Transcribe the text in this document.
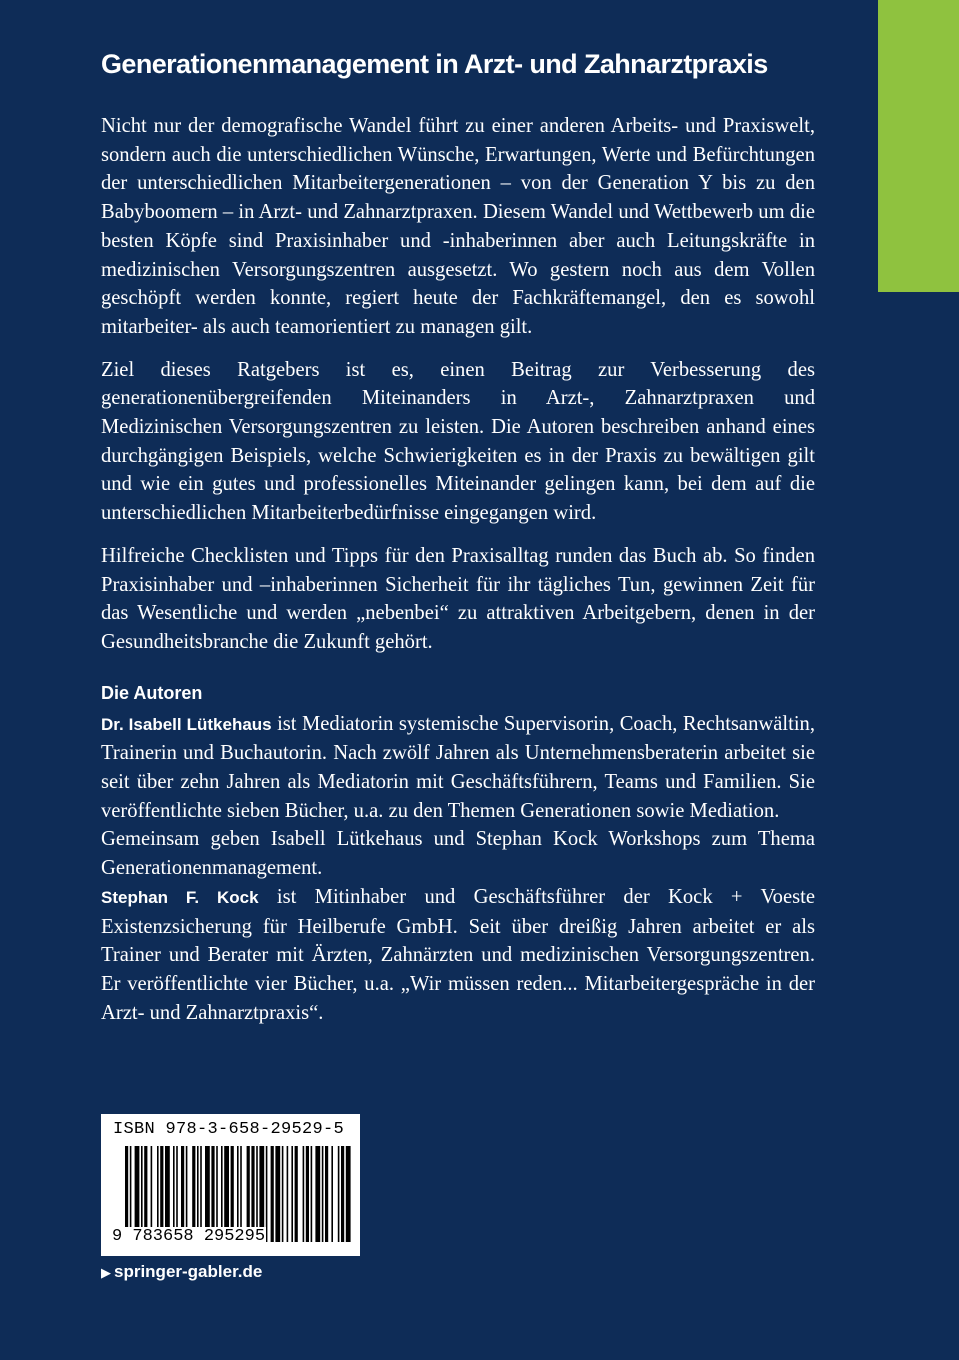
Generationenmanagement in Arzt- und Zahnarztpraxis

Nicht nur der demografische Wandel führt zu einer anderen Arbeits- und Praxiswelt, sondern auch die unterschiedlichen Wünsche, Erwartungen, Werte und Befürchtungen der unterschiedlichen Mitarbeitergenerationen – von der Generation Y bis zu den Babyboomern – in Arzt- und Zahnarztpraxen. Diesem Wandel und Wettbewerb um die besten Köpfe sind Praxisinhaber und -inhaberinnen aber auch Leitungskräfte in medizinischen Versorgungszentren ausgesetzt. Wo gestern noch aus dem Vollen geschöpft werden konnte, regiert heute der Fachkräftemangel, den es sowohl mitarbeiter- als auch teamorientiert zu managen gilt.

Ziel dieses Ratgebers ist es, einen Beitrag zur Verbesserung des generationenübergreifenden Miteinanders in Arzt-, Zahnarztpraxen und Medizinischen Versorgungszentren zu leisten. Die Autoren beschreiben anhand eines durchgängigen Beispiels, welche Schwierigkeiten es in der Praxis zu bewältigen gilt und wie ein gutes und professionelles Miteinander gelingen kann, bei dem auf die unterschiedlichen Mitarbeiterbedürfnisse eingegangen wird.

Hilfreiche Checklisten und Tipps für den Praxisalltag runden das Buch ab. So finden Praxisinhaber und –inhaberinnen Sicherheit für ihr tägliches Tun, gewinnen Zeit für das Wesentliche und werden „nebenbei“ zu attraktiven Arbeitgebern, denen in der Gesundheitsbranche die Zukunft gehört.

Die Autoren

Dr. Isabell Lütkehaus ist Mediatorin systemische Supervisorin, Coach, Rechtsanwältin, Trainerin und Buchautorin. Nach zwölf Jahren als Unternehmensberaterin arbeitet sie seit über zehn Jahren als Mediatorin mit Geschäftsführern, Teams und Familien. Sie veröffentlichte sieben Bücher, u.a. zu den Themen Generationen sowie Mediation.

Gemeinsam geben Isabell Lütkehaus und Stephan Kock Workshops zum Thema Generationenmanagement.

Stephan F. Kock ist Mitinhaber und Geschäftsführer der Kock + Voeste Existenzsicherung für Heilberufe GmbH. Seit über dreißig Jahren arbeitet er als Trainer und Berater mit Ärzten, Zahnärzten und medizinischen Versorgungszentren. Er veröffentlichte vier Bücher, u.a. „Wir müssen reden... Mitarbeitergespräche in der Arzt- und Zahnarztpraxis“.

ISBN 978-3-658-29529-5
9 783658 295295
▶ springer-gabler.de
